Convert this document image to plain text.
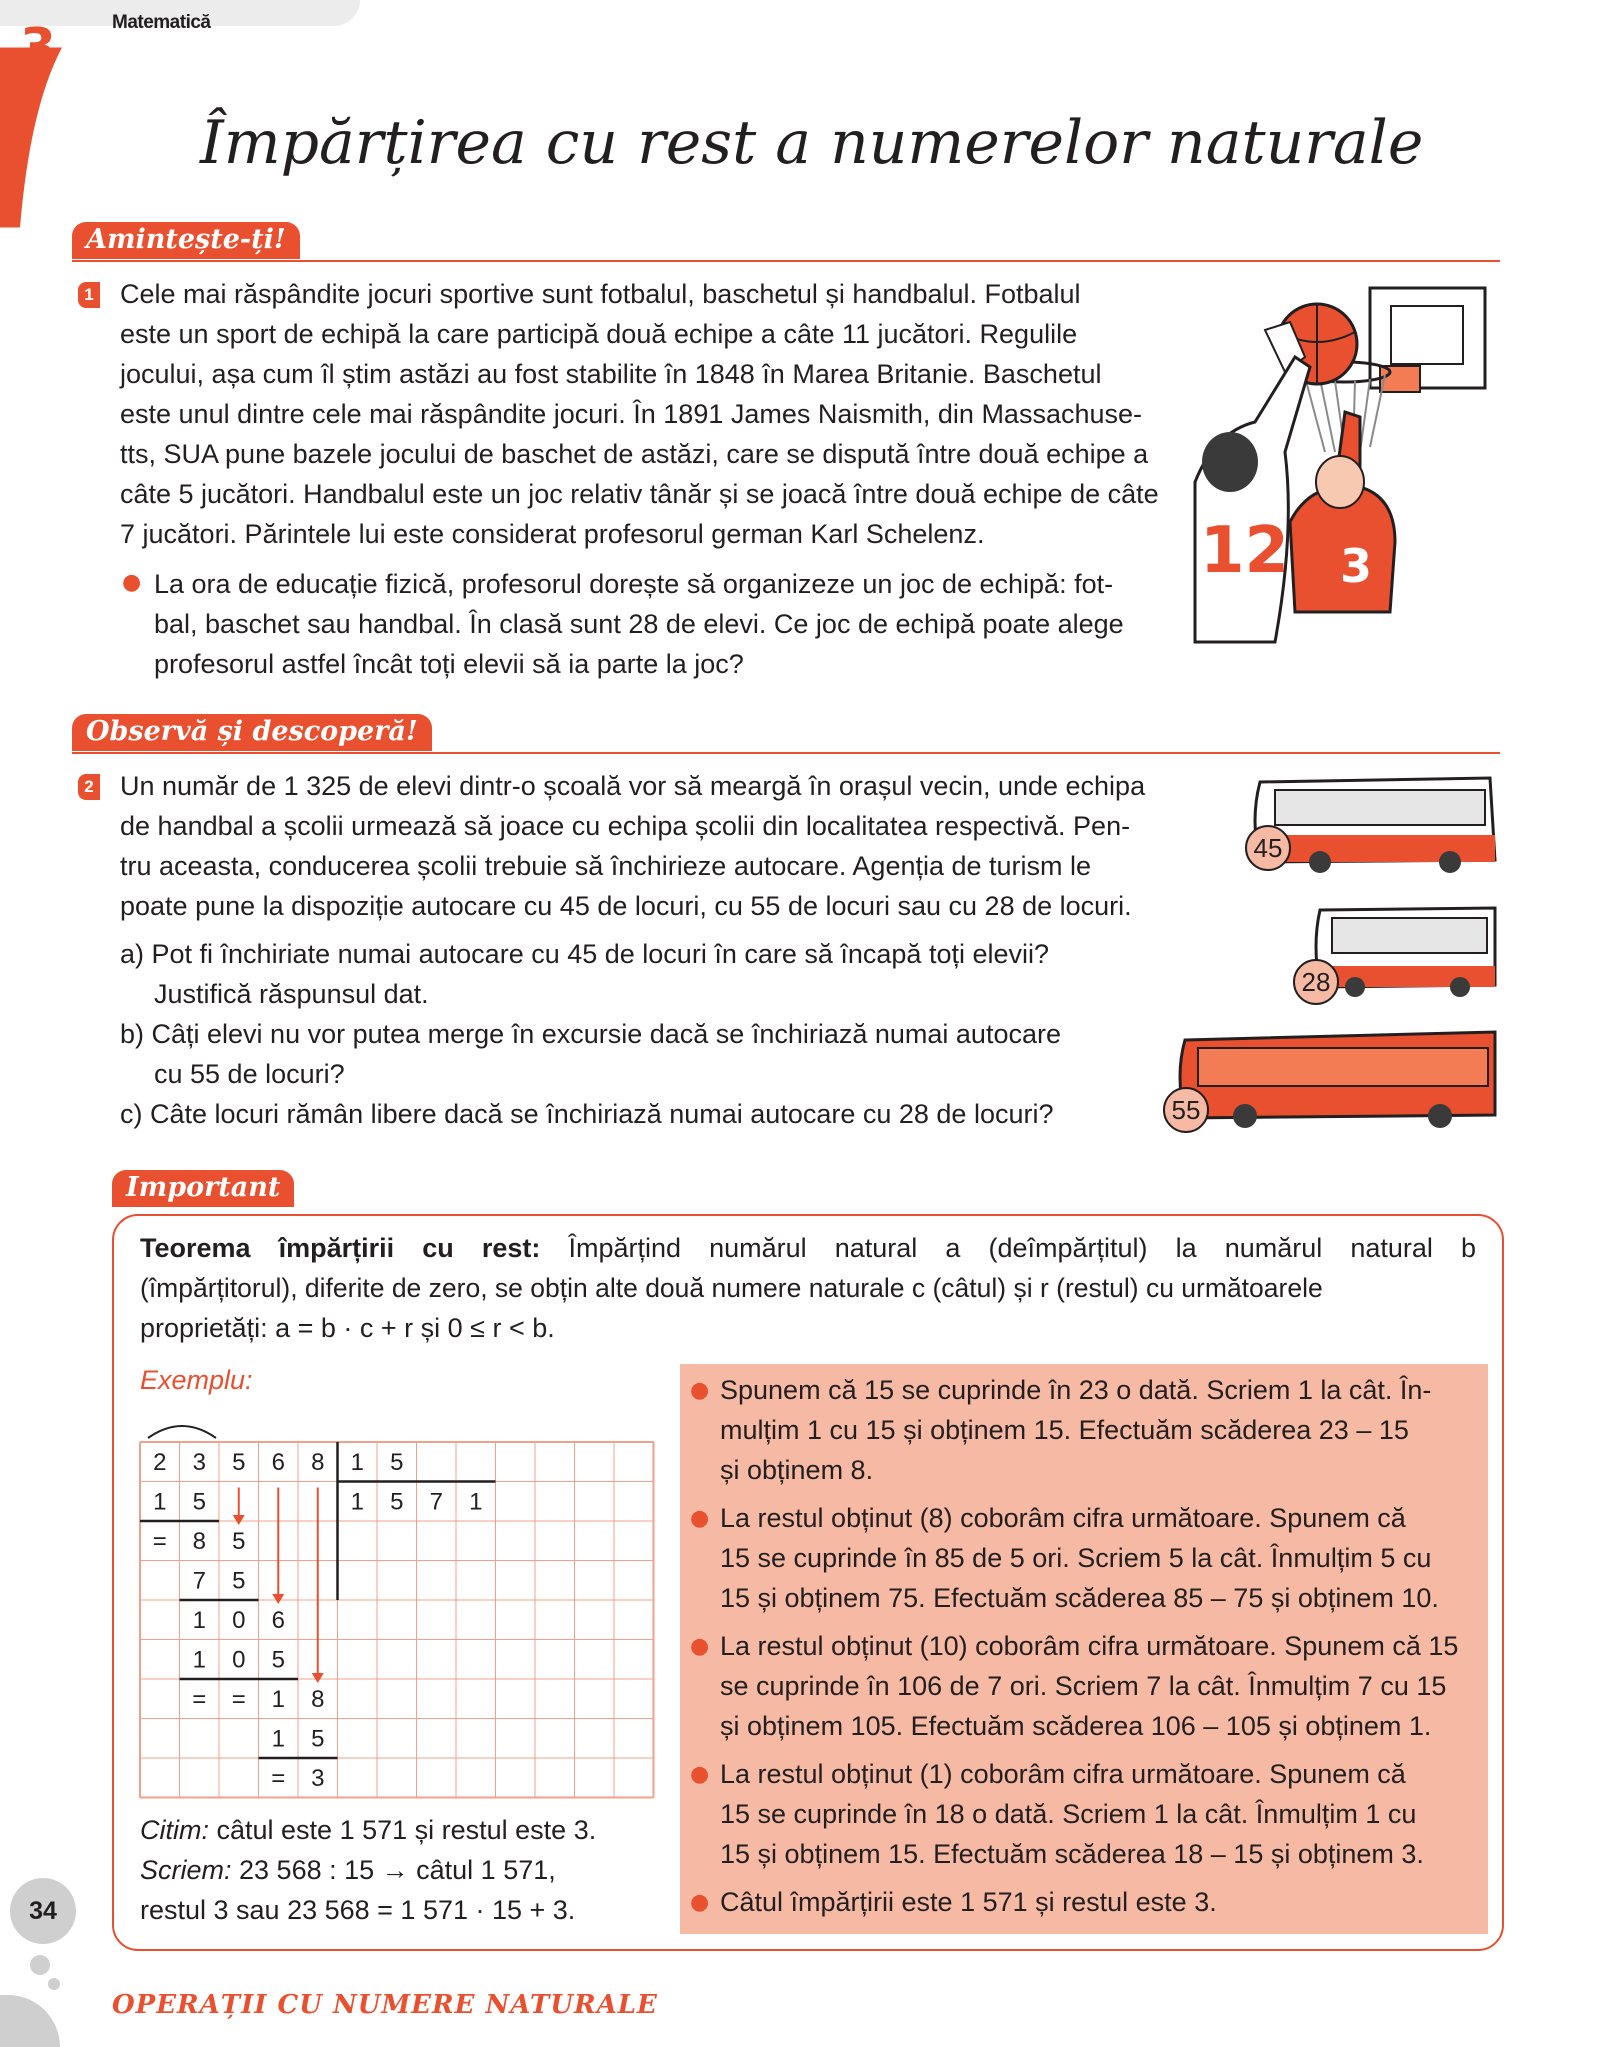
3	Matematică
Împărțirea cu rest a numerelor naturale
Amintește-ți!
1 Cele mai răspândite jocuri sportive sunt fotbalul, baschetul și handbalul. Fotbalul
este un sport de echipă la care participă două echipe a câte 11 jucători. Regulile
jocului, așa cum îl știm astăzi au fost stabilite în 1848 în Marea Britanie. Baschetul
este unul dintre cele mai răspândite jocuri. În 1891 James Naismith, din Massachuse-
tts, SUA pune bazele jocului de baschet de astăzi, care se dispută între două echipe a
câte 5 jucători. Handbalul este un joc relativ tânăr și se joacă între două echipe de câte
7 jucători. Părintele lui este considerat profesorul german Karl Schelenz.
● La ora de educație fizică, profesorul dorește să organizeze un joc de echipă: fot-
bal, baschet sau handbal. În clasă sunt 28 de elevi. Ce joc de echipă poate alege
profesorul astfel încât toți elevii să ia parte la joc?
12 3
Observă și descoperă!
2 Un număr de 1 325 de elevi dintr-o școală vor să meargă în orașul vecin, unde echipa
de handbal a școlii urmează să joace cu echipa școlii din localitatea respectivă. Pen-
tru aceasta, conducerea școlii trebuie să închirieze autocare. Agenția de turism le
poate pune la dispoziție autocare cu 45 de locuri, cu 55 de locuri sau cu 28 de locuri.
a) Pot fi închiriate numai autocare cu 45 de locuri în care să încapă toți elevii?
Justifică răspunsul dat.
b) Câți elevi nu vor putea merge în excursie dacă se închiriază numai autocare
cu 55 de locuri?
c) Câte locuri rămân libere dacă se închiriază numai autocare cu 28 de locuri?
45
28
55
Important
Teorema împărțirii cu rest: Împărțind numărul natural a (deîmpărțitul) la numărul natural b
(împărțitorul), diferite de zero, se obțin alte două numere naturale c (câtul) și r (restul) cu următoarele
proprietăți: a = b · c + r și 0 ≤ r < b.
Exemplu:
2 3 5 6 8 1 5
1 5	1 5 7 1
= 8 5
7 5
1 0 6
1 0 5
= = 1 8
1 5
= 3
Citim: câtul este 1 571 și restul este 3.
Scriem: 23 568 : 15 → câtul 1 571,
restul 3 sau 23 568 = 1 571 · 15 + 3.
● Spunem că 15 se cuprinde în 23 o dată. Scriem 1 la cât. În-
mulțim 1 cu 15 și obținem 15. Efectuăm scăderea 23 – 15
și obținem 8.
● La restul obținut (8) coborâm cifra următoare. Spunem că
15 se cuprinde în 85 de 5 ori. Scriem 5 la cât. Înmulțim 5 cu
15 și obținem 75. Efectuăm scăderea 85 – 75 și obținem 10.
● La restul obținut (10) coborâm cifra următoare. Spunem că 15
se cuprinde în 106 de 7 ori. Scriem 7 la cât. Înmulțim 7 cu 15
și obținem 105. Efectuăm scăderea 106 – 105 și obținem 1.
● La restul obținut (1) coborâm cifra următoare. Spunem că
15 se cuprinde în 18 o dată. Scriem 1 la cât. Înmulțim 1 cu
15 și obținem 15. Efectuăm scăderea 18 – 15 și obținem 3.
● Câtul împărțirii este 1 571 și restul este 3.
34
OPERAȚII CU NUMERE NATURALE
